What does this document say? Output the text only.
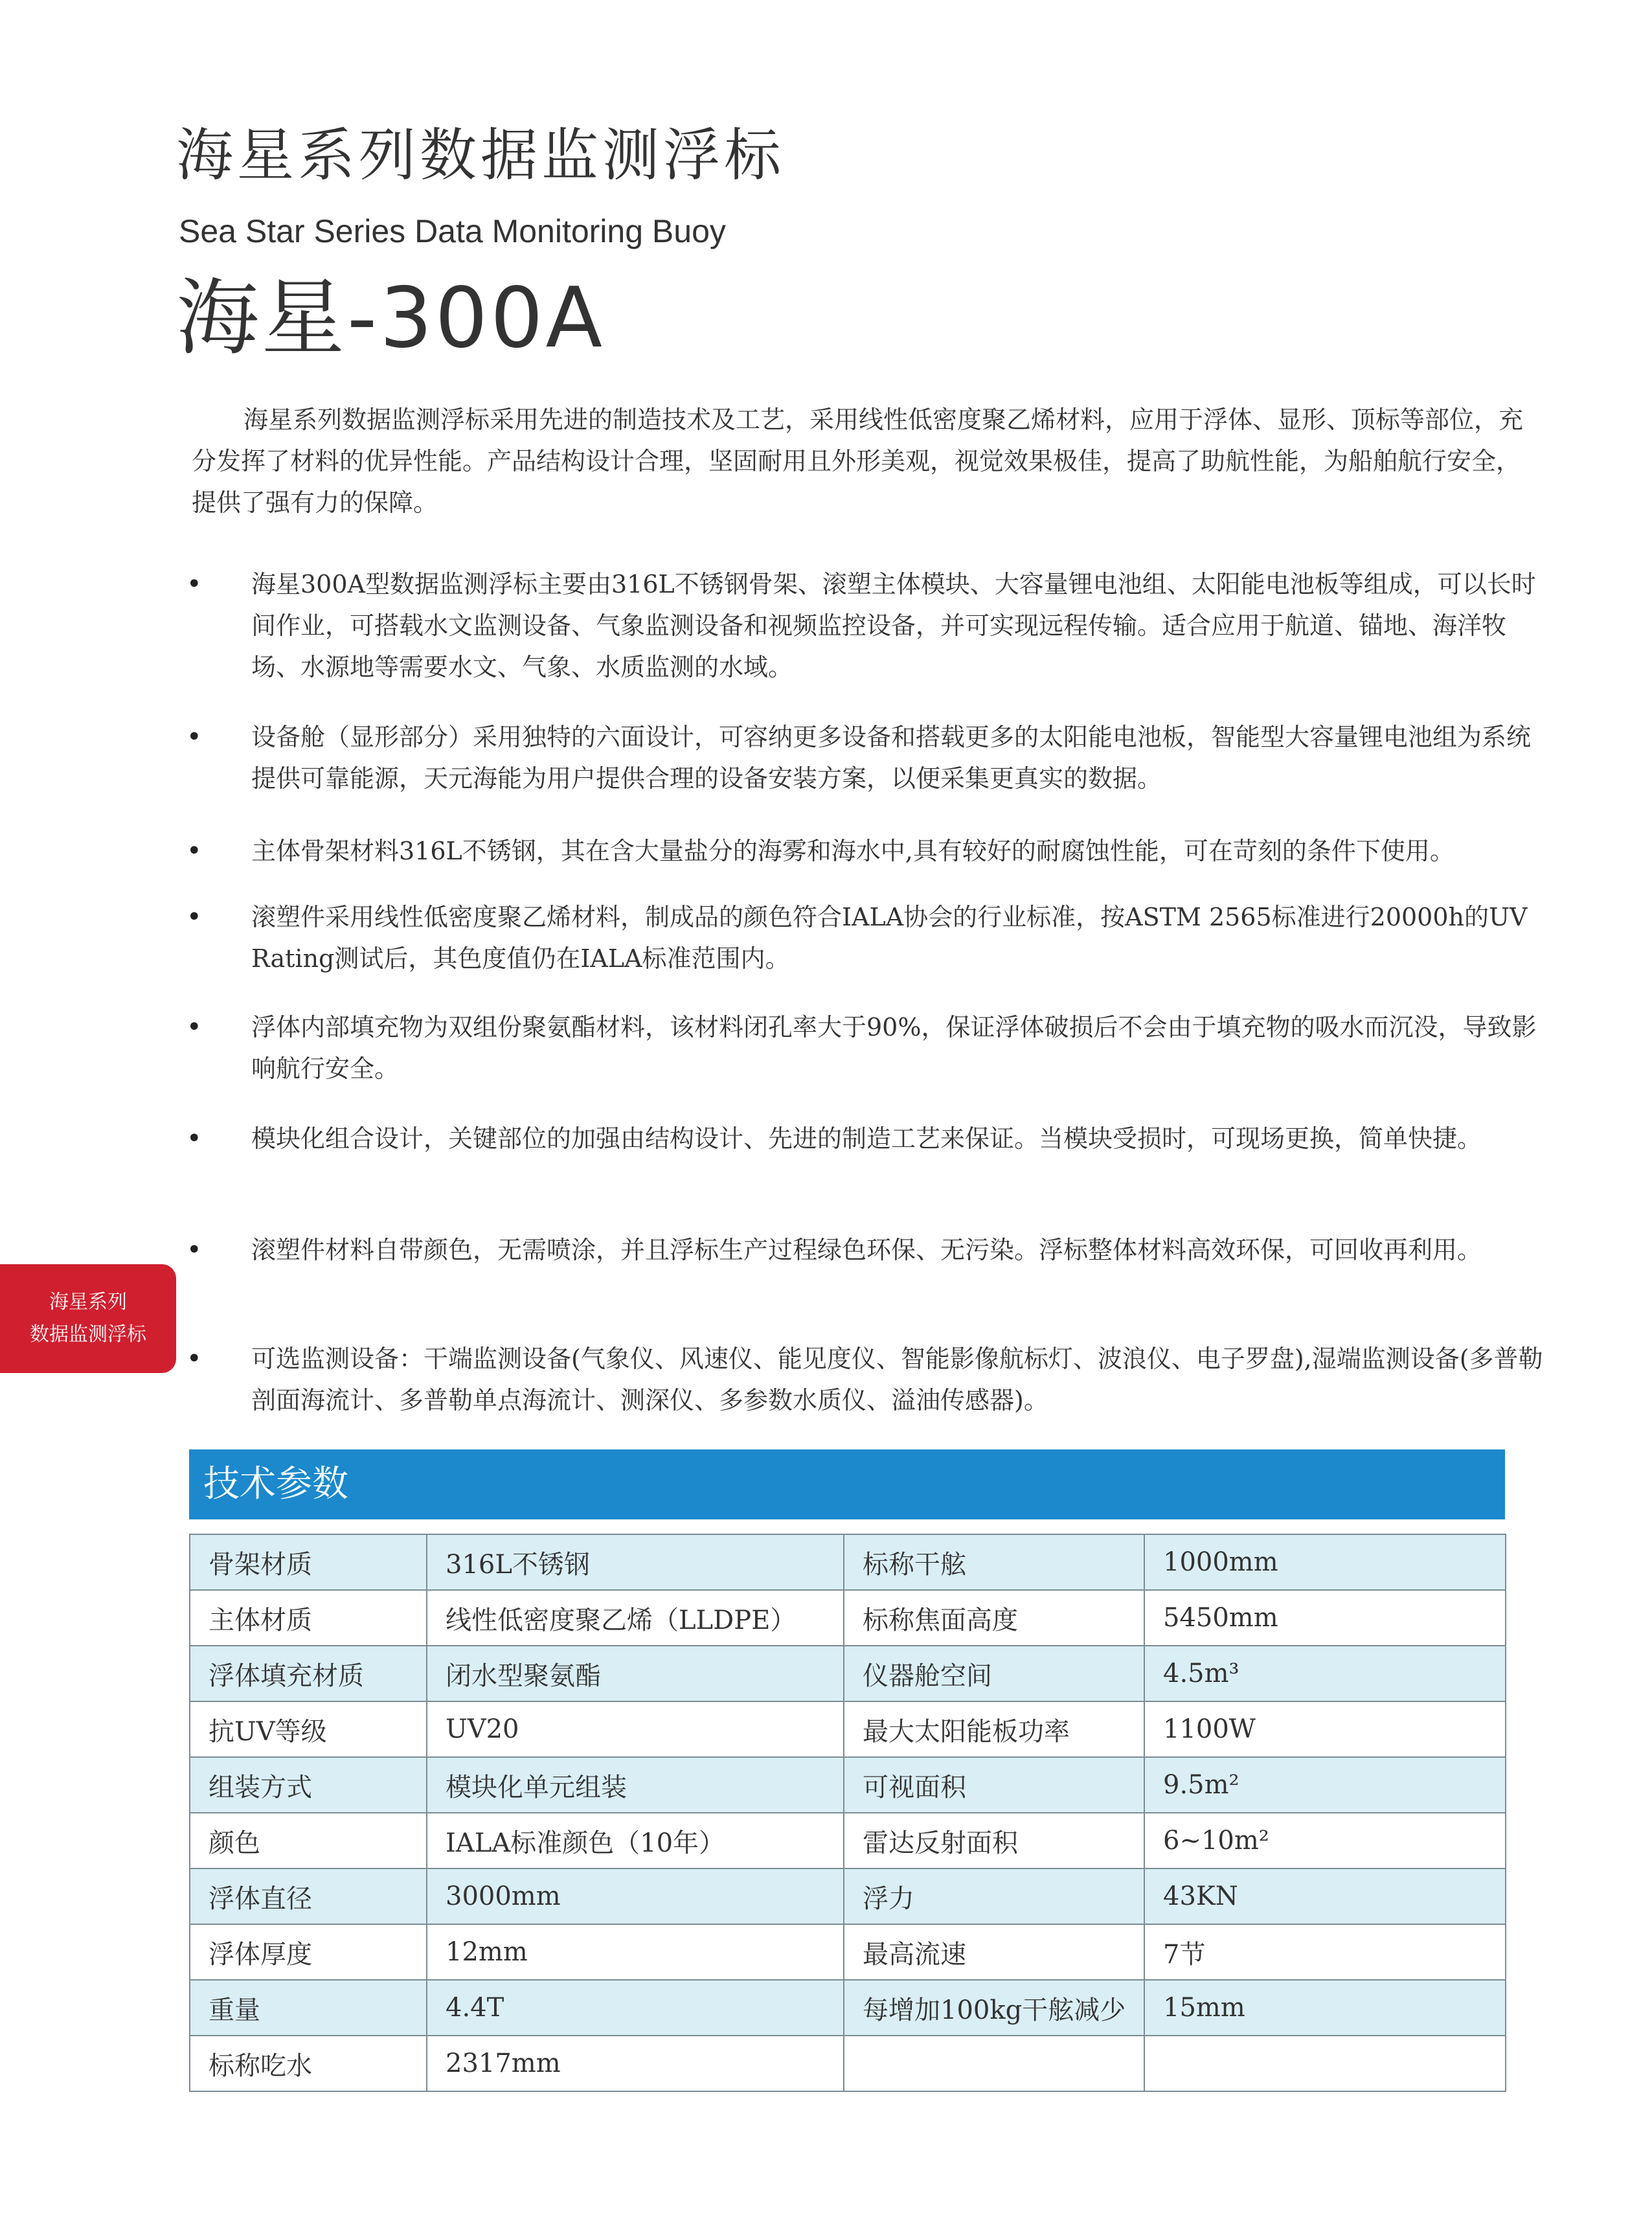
海星系列数据监测浮标
Sea Star Series Data Monitoring Buoy
海星-300A

海星系列数据监测浮标采用先进的制造技术及工艺，采用线性低密度聚乙烯材料，应用于浮体、显形、顶标等部位，充分发挥了材料的优异性能。产品结构设计合理，坚固耐用且外形美观，视觉效果极佳，提高了助航性能，为船舶航行安全，提供了强有力的保障。

• 海星300A型数据监测浮标主要由316L不锈钢骨架、滚塑主体模块、大容量锂电池组、太阳能电池板等组成，可以长时间作业，可搭载水文监测设备、气象监测设备和视频监控设备，并可实现远程传输。适合应用于航道、锚地、海洋牧场、水源地等需要水文、气象、水质监测的水域。
• 设备舱（显形部分）采用独特的六面设计，可容纳更多设备和搭载更多的太阳能电池板，智能型大容量锂电池组为系统提供可靠能源，天元海能为用户提供合理的设备安装方案，以便采集更真实的数据。
• 主体骨架材料316L不锈钢，其在含大量盐分的海雾和海水中,具有较好的耐腐蚀性能，可在苛刻的条件下使用。
• 滚塑件采用线性低密度聚乙烯材料，制成品的颜色符合IALA协会的行业标准，按ASTM 2565标准进行20000h的UV Rating测试后，其色度值仍在IALA标准范围内。
• 浮体内部填充物为双组份聚氨酯材料，该材料闭孔率大于90%，保证浮体破损后不会由于填充物的吸水而沉没，导致影响航行安全。
• 模块化组合设计，关键部位的加强由结构设计、先进的制造工艺来保证。当模块受损时，可现场更换，简单快捷。
• 滚塑件材料自带颜色，无需喷涂，并且浮标生产过程绿色环保、无污染。浮标整体材料高效环保，可回收再利用。
• 可选监测设备：干端监测设备(气象仪、风速仪、能见度仪、智能影像航标灯、波浪仪、电子罗盘),湿端监测设备(多普勒剖面海流计、多普勒单点海流计、测深仪、多参数水质仪、溢油传感器)。
海星系列
数据监测浮标
技术参数
骨架材质	316L不锈钢	标称干舷	1000mm
主体材质	线性低密度聚乙烯（LLDPE）	标称焦面高度	5450mm
浮体填充材质	闭水型聚氨酯	仪器舱空间	4.5m³
抗UV等级	UV20	最大太阳能板功率	1100W
组装方式	模块化单元组装	可视面积	9.5m²
颜色	IALA标准颜色（10年）	雷达反射面积	6~10m²
浮体直径	3000mm	浮力	43KN
浮体厚度	12mm	最高流速	7节
重量	4.4T	每增加100kg干舷减少	15mm
标称吃水	2317mm		
